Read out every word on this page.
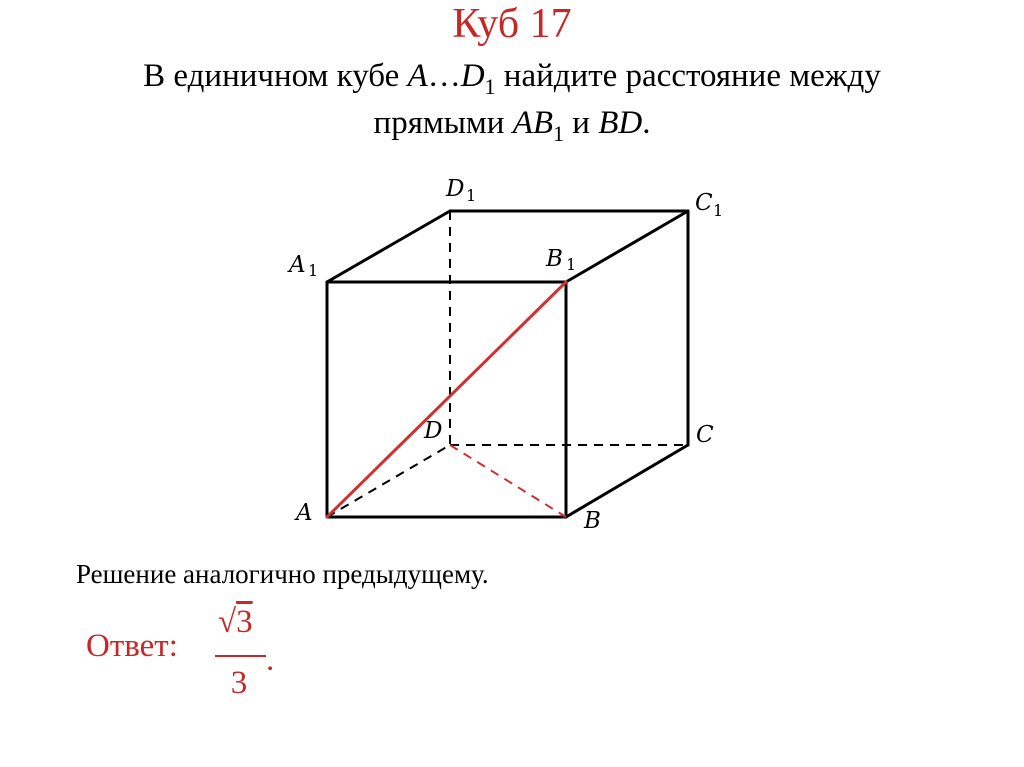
Куб 17
В единичном кубе $A\dots D_1$ найдите расстояние между
прямыми $AB_1$ и BD.
A	B
C
D
A	B
C
D
1	1
1
1
Решение аналогично предыдущему.
Ответ:
√3
3
.
